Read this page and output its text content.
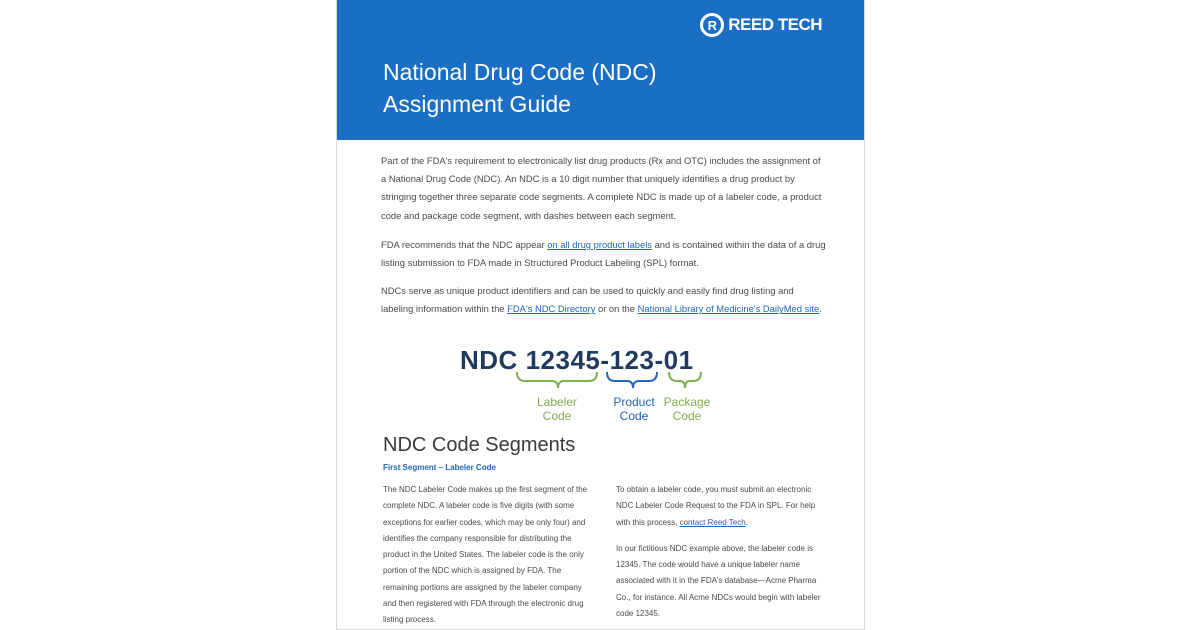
R REED TECH
National Drug Code (NDC)
Assignment Guide

Part of the FDA's requirement to electronically list drug products (Rx and OTC) includes the assignment of a National Drug Code (NDC). An NDC is a 10 digit number that uniquely identifies a drug product by stringing together three separate code segments. A complete NDC is made up of a labeler code, a product code and package code segment, with dashes between each segment.

FDA recommends that the NDC appear on all drug product labels and is contained within the data of a drug listing submission to FDA made in Structured Product Labeling (SPL) format.

NDCs serve as unique product identifiers and can be used to quickly and easily find drug listing and labeling information within the FDA's NDC Directory or on the National Library of Medicine's DailyMed site.

NDC 12345-123-01
Labeler
Code
Product
Code
Package
Code
NDC Code Segments
First Segment – Labeler Code

The NDC Labeler Code makes up the first segment of the complete NDC. A labeler code is five digits (with some exceptions for earlier codes, which may be only four) and identifies the company responsible for distributing the product in the United States. The labeler code is the only portion of the NDC which is assigned by FDA. The remaining portions are assigned by the labeler company and then registered with FDA through the electronic drug listing process.

To obtain a labeler code, you must submit an electronic NDC Labeler Code Request to the FDA in SPL. For help with this process, contact Reed Tech.

In our fictitious NDC example above, the labeler code is 12345. The code would have a unique labeler name associated with it in the FDA's database—Acme Pharma Co., for instance. All Acme NDCs would begin with labeler code 12345.
